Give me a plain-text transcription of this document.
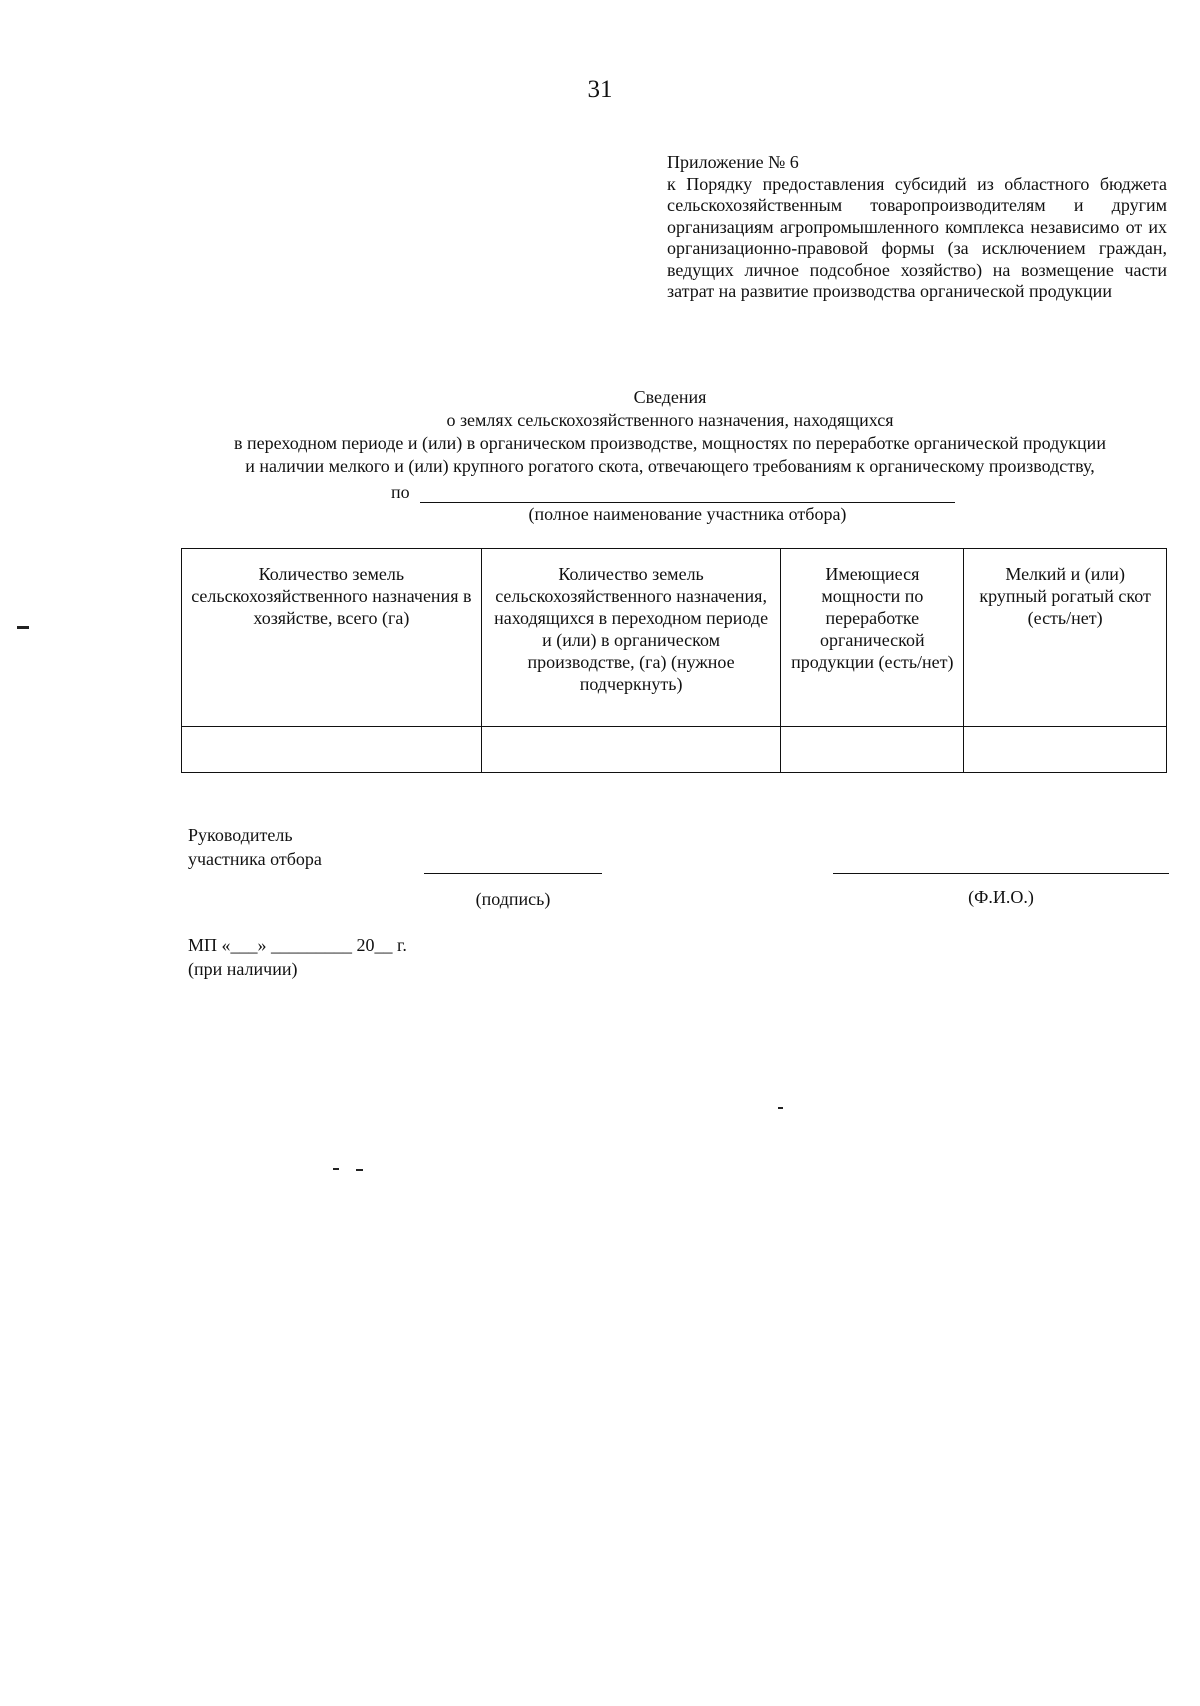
31
Приложение № 6
к Порядку предоставления субсидий из областного бюджета сельскохозяйственным товаропроизводителям и другим организациям агропромышленного комплекса независимо от их организационно-правовой формы (за исключением граждан, ведущих личное подсобное хозяйство) на возмещение части затрат на развитие производства органической продукции
Сведения
о землях сельскохозяйственного назначения, находящихся
в переходном периоде и (или) в органическом производстве, мощностях по переработке органической продукции
и наличии мелкого и (или) крупного рогатого скота, отвечающего требованиям к органическому производству,
по
(полное наименование участника отбора)
Количество земель сельскохозяйственного назначения в хозяйстве, всего (га)	Количество земель сельскохозяйственного назначения, находящихся в переходном периоде и (или) в органическом производстве, (га) (нужное подчеркнуть)	Имеющиеся мощности по переработке органической продукции (есть/нет)	Мелкий и (или) крупный рогатый скот (есть/нет)

Руководитель
участника отбора
(подпись)	(Ф.И.О.)
МП «___» _________ 20__ г.
(при наличии)
